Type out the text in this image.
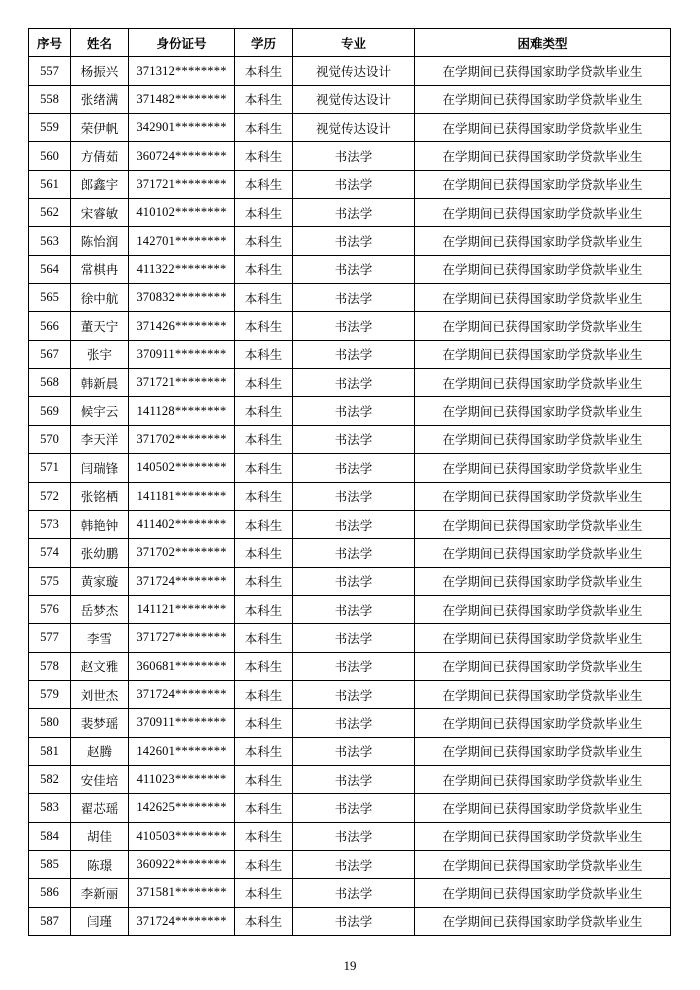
序号	姓名	身份证号	学历	专业	困难类型
557	杨振兴	371312********	本科生	视觉传达设计	在学期间已获得国家助学贷款毕业生
558	张绪满	371482********	本科生	视觉传达设计	在学期间已获得国家助学贷款毕业生
559	荣伊帆	342901********	本科生	视觉传达设计	在学期间已获得国家助学贷款毕业生
560	方倩茹	360724********	本科生	书法学	在学期间已获得国家助学贷款毕业生
561	郎鑫宇	371721********	本科生	书法学	在学期间已获得国家助学贷款毕业生
562	宋睿敏	410102********	本科生	书法学	在学期间已获得国家助学贷款毕业生
563	陈怡润	142701********	本科生	书法学	在学期间已获得国家助学贷款毕业生
564	常棋冉	411322********	本科生	书法学	在学期间已获得国家助学贷款毕业生
565	徐中航	370832********	本科生	书法学	在学期间已获得国家助学贷款毕业生
566	董天宁	371426********	本科生	书法学	在学期间已获得国家助学贷款毕业生
567	张宇	370911********	本科生	书法学	在学期间已获得国家助学贷款毕业生
568	韩新晨	371721********	本科生	书法学	在学期间已获得国家助学贷款毕业生
569	候宇云	141128********	本科生	书法学	在学期间已获得国家助学贷款毕业生
570	李天洋	371702********	本科生	书法学	在学期间已获得国家助学贷款毕业生
571	闫瑞锋	140502********	本科生	书法学	在学期间已获得国家助学贷款毕业生
572	张铭栖	141181********	本科生	书法学	在学期间已获得国家助学贷款毕业生
573	韩艳钟	411402********	本科生	书法学	在学期间已获得国家助学贷款毕业生
574	张幼鹏	371702********	本科生	书法学	在学期间已获得国家助学贷款毕业生
575	黄家璇	371724********	本科生	书法学	在学期间已获得国家助学贷款毕业生
576	岳梦杰	141121********	本科生	书法学	在学期间已获得国家助学贷款毕业生
577	李雪	371727********	本科生	书法学	在学期间已获得国家助学贷款毕业生
578	赵文雅	360681********	本科生	书法学	在学期间已获得国家助学贷款毕业生
579	刘世杰	371724********	本科生	书法学	在学期间已获得国家助学贷款毕业生
580	裴梦瑶	370911********	本科生	书法学	在学期间已获得国家助学贷款毕业生
581	赵腾	142601********	本科生	书法学	在学期间已获得国家助学贷款毕业生
582	安佳培	411023********	本科生	书法学	在学期间已获得国家助学贷款毕业生
583	翟芯瑶	142625********	本科生	书法学	在学期间已获得国家助学贷款毕业生
584	胡佳	410503********	本科生	书法学	在学期间已获得国家助学贷款毕业生
585	陈璟	360922********	本科生	书法学	在学期间已获得国家助学贷款毕业生
586	李新丽	371581********	本科生	书法学	在学期间已获得国家助学贷款毕业生
587	闫瑾	371724********	本科生	书法学	在学期间已获得国家助学贷款毕业生
19
